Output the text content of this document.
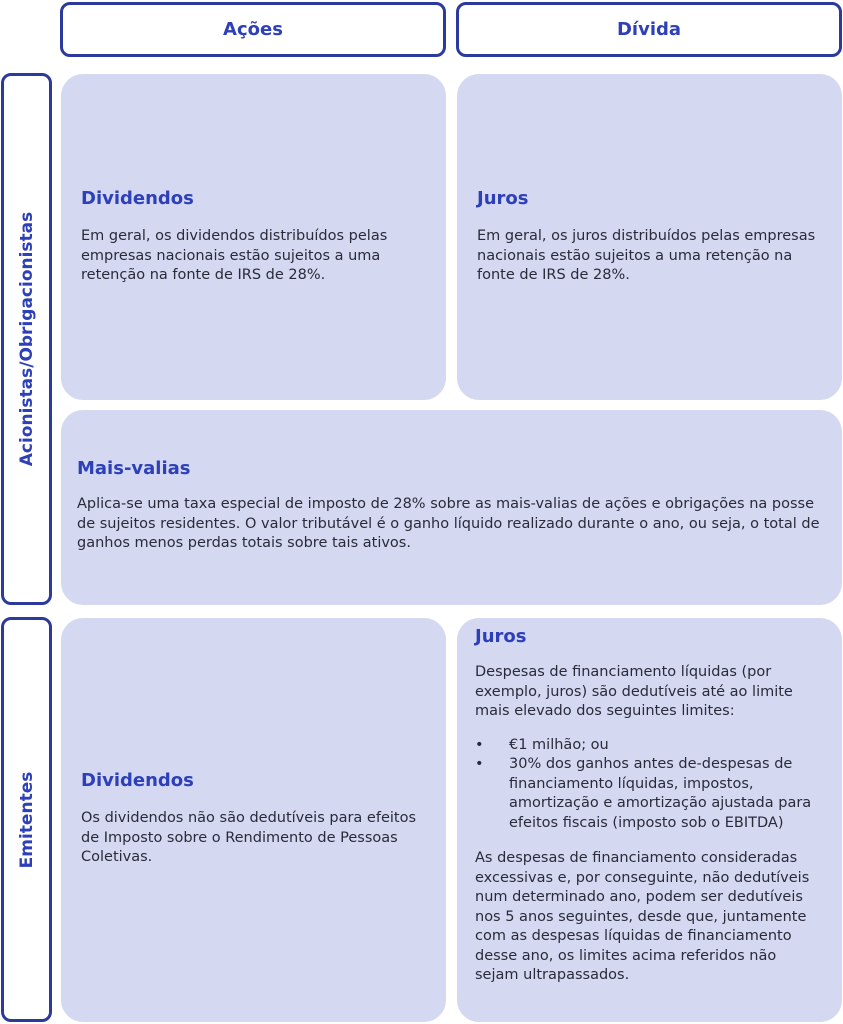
Ações	Dívida
Acionistas/Obrigacionistas
Emitentes
Dividendos

Em geral, os dividendos distribuídos pelas empresas nacionais estão sujeitos a uma retenção na fonte de IRS de 28%.

Juros

Em geral, os juros distribuídos pelas empresas nacionais estão sujeitos a uma retenção na fonte de IRS de 28%.

Mais-valias

Aplica-se uma taxa especial de imposto de 28% sobre as mais-valias de ações e obrigações na posse de sujeitos residentes. O valor tributável é o ganho líquido realizado durante o ano, ou seja, o total de ganhos menos perdas totais sobre tais ativos.

Dividendos

Os dividendos não são dedutíveis para efeitos de Imposto sobre o Rendimento de Pessoas Coletivas.

Juros

Despesas de financiamento líquidas (por exemplo, juros) são dedutíveis até ao limite mais elevado dos seguintes limites:

• €1 milhão; ou
• 30% dos ganhos antes de-despesas de financiamento líquidas, impostos, amortização e amortização ajustada para efeitos fiscais (imposto sob o EBITDA)

As despesas de financiamento consideradas excessivas e, por conseguinte, não dedutíveis num determinado ano, podem ser dedutíveis nos 5 anos seguintes, desde que, juntamente com as despesas líquidas de financiamento desse ano, os limites acima referidos não sejam ultrapassados.
